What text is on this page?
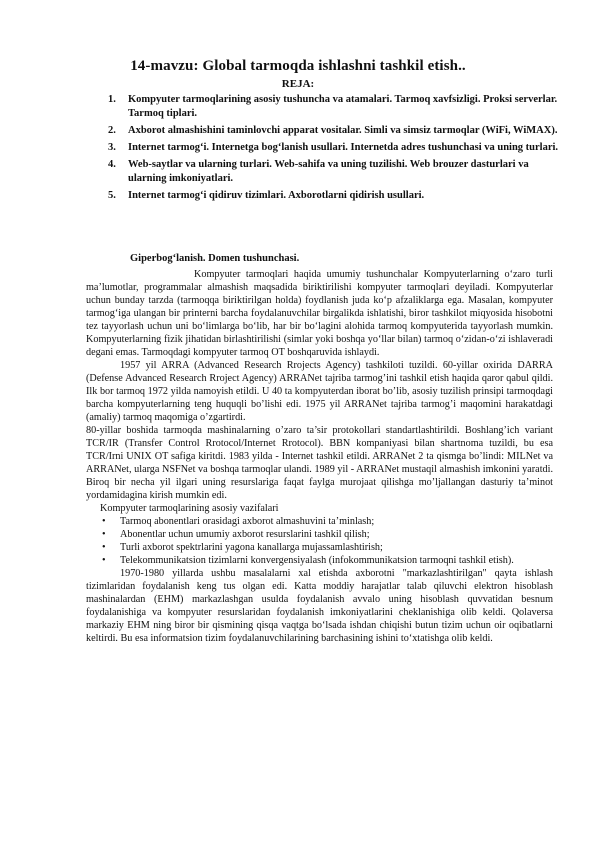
14-mavzu: Global tarmoqda ishlashni tashkil etish..
REJA:
1.	Kompyuter tarmoqlarining asosiy tushuncha va atamalari. Tarmoq xavfsizligi. Proksi serverlar. Tarmoq tiplari.
2.	Axborot almashishini taminlovchi apparat vositalar. Simli va simsiz tarmoqlar (WiFi, WiMAX).
3.	Internet tarmog‘i. Internetga bog‘lanish usullari. Internetda adres tushunchasi va uning turlari.
4.	Web-saytlar va ularning turlari. Web-sahifa va uning tuzilishi. Web brouzer dasturlari va ularning imkoniyatlari.
5.	Internet tarmog‘i qidiruv tizimlari. Axborotlarni qidirish usullari.
Giperbog‘lanish. Domen tushunchasi.

Kompyuter tarmoqlari haqida umumiy tushunchalar Kompyuterlarning o‘zaro turli ma’lumotlar, programmalar almashish maqsadida biriktirilishi kompyuter tarmoqlari deyiladi. Kompyuterlar uchun bunday tarzda (tarmoqqa biriktirilgan holda) foydlanish juda ko‘p afzaliklarga ega. Masalan, kompyuter tarmog‘iga ulangan bir printerni barcha foydalanuvchilar birgalikda ishlatishi, biror tashkilot miqyosida hisobotni tez tayyorlash uchun uni bo‘limlarga bo‘lib, har bir bo‘lagini alohida tarmoq kompyuterida tayyorlash mumkin. Kompyuterlarning fizik jihatidan birlashtirilishi (simlar yoki boshqa yo‘llar bilan) tarmoq o‘zidan-o‘zi ishlaveradi degani emas. Tarmoqdagi kompyuter tarmoq OT boshqaruvida ishlaydi.

1957 yil ARRA (Advanced Research Rrojects Agency) tashkiloti tuzildi. 60-yillar oxirida DARRA (Defense Advanced Research Rroject Agency) ARRANet tajriba tarmog’ini tashkil etish haqida qaror qabul qildi. Ilk bor tarmoq 1972 yilda namoyish etildi. U 40 ta kompyuterdan iborat bo’lib, asosiy tuzilish prinsipi tarmoqdagi barcha kompyuterlarning teng huquqli bo’lishi edi. 1975 yil ARRANet tajriba tarmog’i maqomini harakatdagi (amaliy) tarmoq maqomiga o’zgartirdi.

80-yillar boshida tarmoqda mashinalarning o’zaro ta’sir protokollari standartlashtirildi. Boshlang’ich variant TCR/IR (Transfer Control Rrotocol/Internet Rrotocol). BBN kompaniyasi bilan shartnoma tuzildi, bu esa TCR/Irni UNIX OT safiga kiritdi. 1983 yilda - Internet tashkil etildi. ARRANet 2 ta qismga bo’lindi: MILNet va ARRANet, ularga NSFNet va boshqa tarmoqlar ulandi. 1989 yil - ARRANet mustaqil almashish imkonini yaratdi. Biroq bir necha yil ilgari uning resurslariga faqat faylga murojaat qilishga mo’ljallangan dasturiy ta’minot yordamidagina kirish mumkin edi.

Kompyuter tarmoqlarining asosiy vazifalari

• Tarmoq abonentlari orasidagi axborot almashuvini ta’minlash;
• Abonentlar uchun umumiy axborot resurslarini tashkil qilish;
• Turli axborot spektrlarini yagona kanallarga mujassamlashtirish;
• Telekommunikatsion tizimlarni konvergensiyalash (infokommunikatsion tarmoqni tashkil etish).

1970-1980 yillarda ushbu masalalarni xal etishda axborotni "markazlashtirilgan" qayta ishlash tizimlaridan foydalanish keng tus olgan edi. Katta moddiy harajatlar talab qiluvchi elektron hisoblash mashinalardan (EHM) markazlashgan usulda foydalanish avvalo uning hisoblash quvvatidan besnum foydalanishiga va kompyuter resurslaridan foydalanish imkoniyatlarini cheklanishiga olib keldi. Qolaversa markaziy EHM ning biror bir qismining qisqa vaqtga bo‘lsada ishdan chiqishi butun tizim uchun oir oqibatlarni keltirdi. Bu esa informatsion tizim foydalanuvchilarining barchasining ishini to‘xtatishga olib keldi.
